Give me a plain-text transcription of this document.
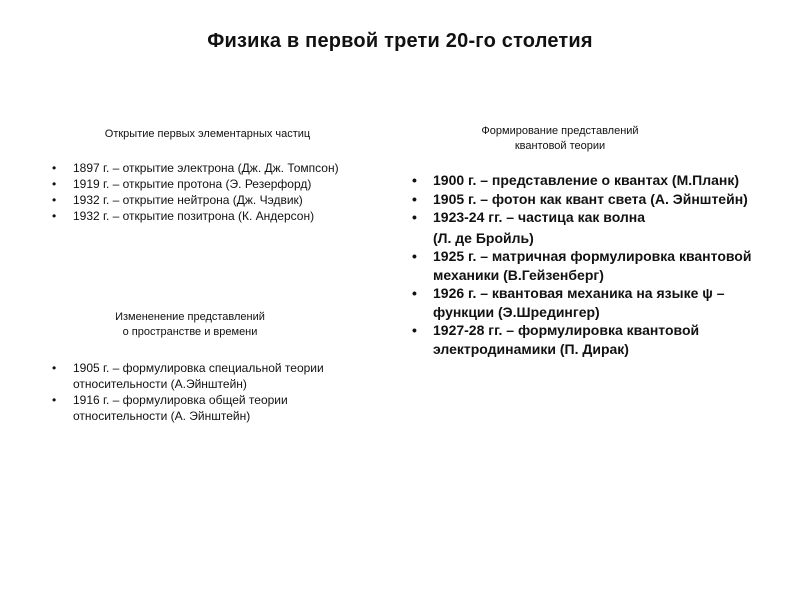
Физика в первой трети 20-го столетия
Открытие первых элементарных частиц
• 1897 г. – открытие электрона (Дж. Дж. Томпсон)
• 1919 г. – открытие протона (Э. Резерфорд)
• 1932 г. – открытие нейтрона (Дж. Чэдвик)
• 1932 г. – открытие позитрона (К. Андерсон)
Измененение представлений
о пространстве и времени
• 1905 г. – формулировка специальной теории относительности (А.Эйнштейн)
• 1916 г. – формулировка общей теории относительности (А. Эйнштейн)
Формирование представлений
квантовой теории
• 1900 г. – представление о квантах (М.Планк)
• 1905 г. – фотон как квант света (А. Эйнштейн)
• 1923-24 гг. – частица как волна
(Л. де Бройль)
• 1925 г. – матричная формулировка квантовой механики (В.Гейзенберг)
• 1926 г. – квантовая механика на языке ψ – функции (Э.Шредингер)
• 1927-28 гг. – формулировка квантовой электродинамики (П. Дирак)
